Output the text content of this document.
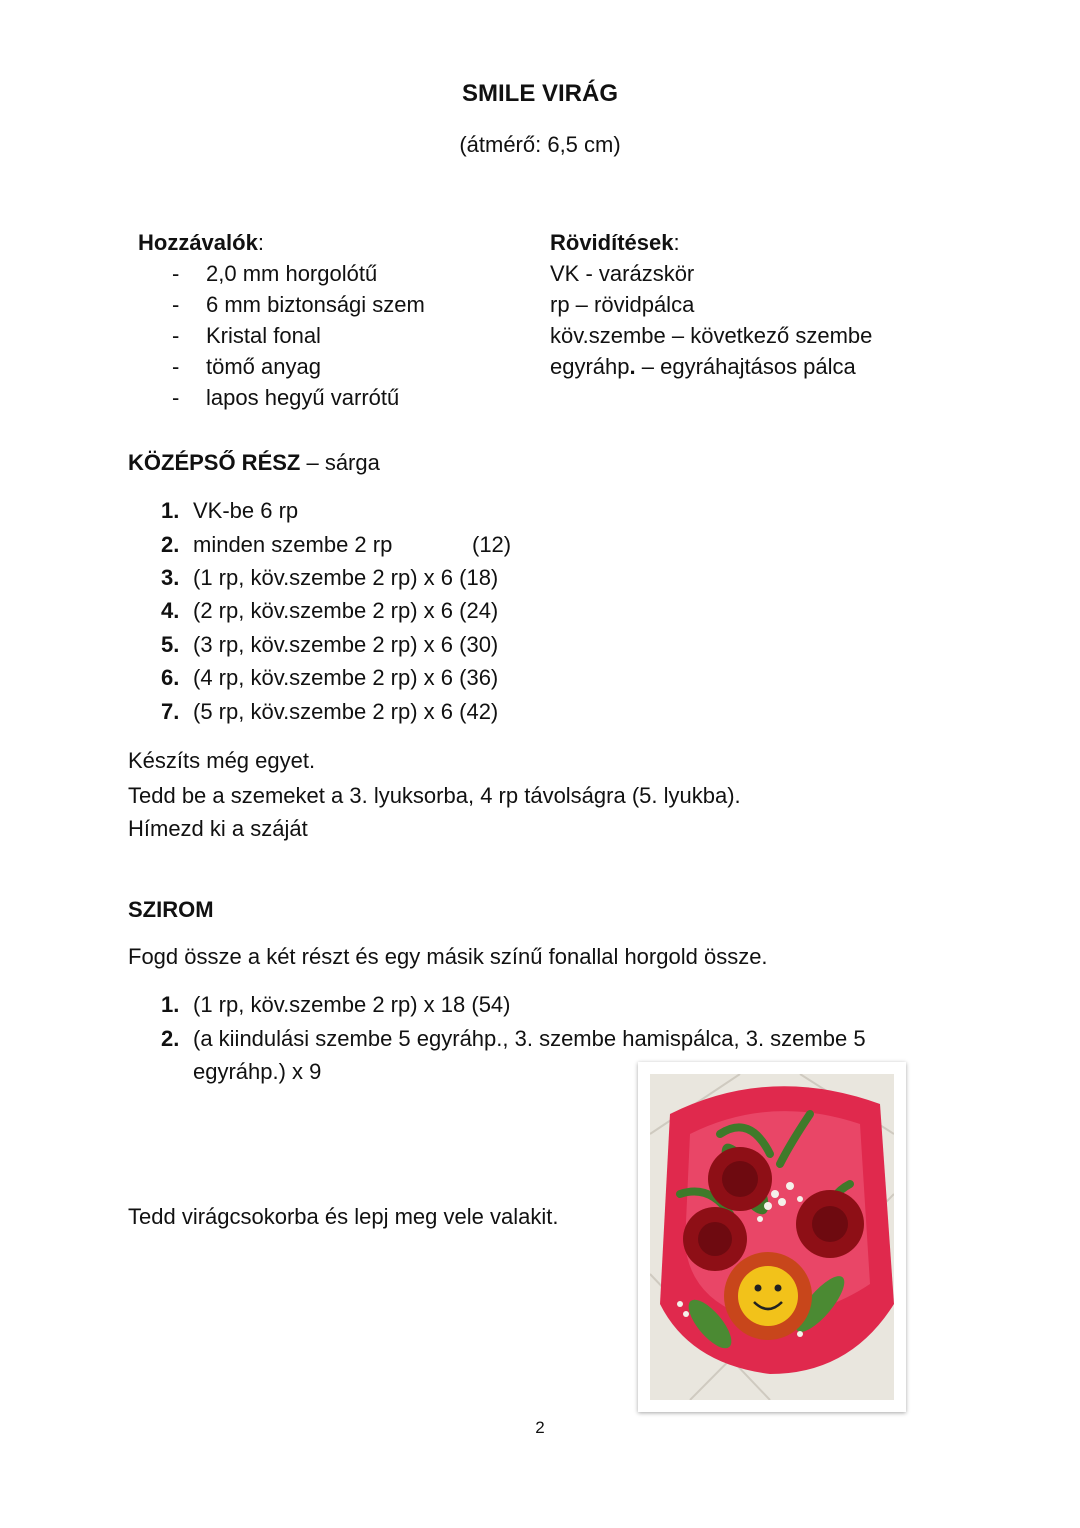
SMILE VIRÁG
(átmérő: 6,5 cm)
Hozzávalók:
- 2,0 mm horgolótű
- 6 mm biztonsági szem
- Kristal fonal
- tömő anyag
- lapos hegyű varrótű
Rövidítések:
VK - varázskör
rp – rövidpálca
köv.szembe – következő szembe
egyráhp. – egyráhajtásos pálca
KÖZÉPSŐ RÉSZ – sárga
1. VK-be 6 rp
2. minden szembe 2 rp	(12)
3. (1 rp, köv.szembe 2 rp) x 6 (18)
4. (2 rp, köv.szembe 2 rp) x 6 (24)
5. (3 rp, köv.szembe 2 rp) x 6 (30)
6. (4 rp, köv.szembe 2 rp) x 6 (36)
7. (5 rp, köv.szembe 2 rp) x 6 (42)
Készíts még egyet.
Tedd be a szemeket a 3. lyuksorba, 4 rp távolságra (5. lyukba).
Hímezd ki a száját
SZIROM
Fogd össze a két részt és egy másik színű fonallal horgold össze.
1. (1 rp, köv.szembe 2 rp) x 18 (54)
2. (a kiindulási szembe 5 egyráhp., 3. szembe hamispálca, 3. szembe 5
egyráhp.) x 9
Tedd virágcsokorba és lepj meg vele valakit.
2
